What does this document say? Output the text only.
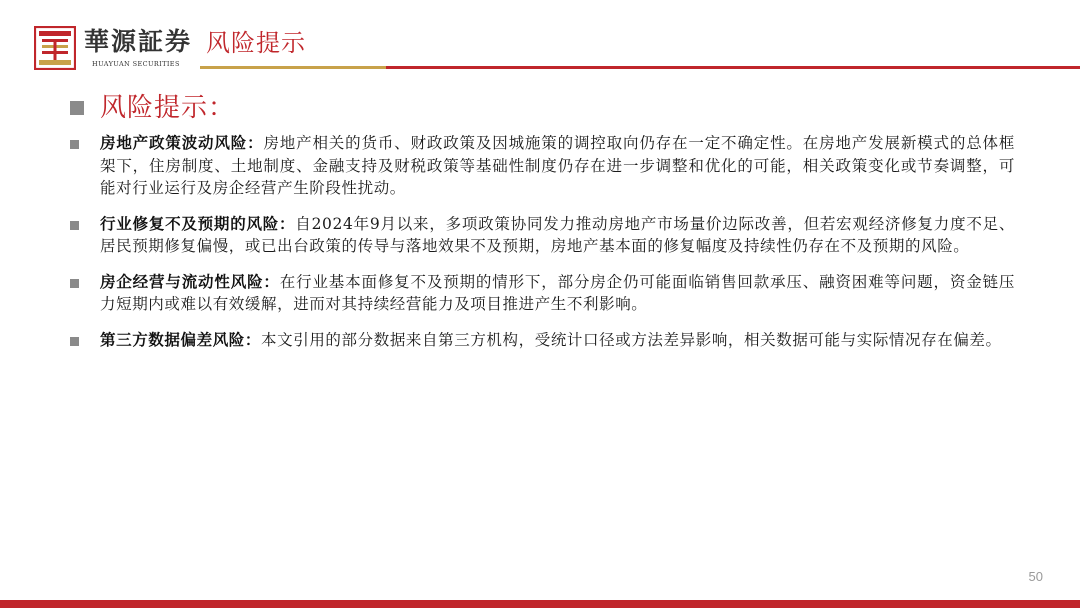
華源証券
HUAYUAN SECURITIES
风险提示
风险提示：
房地产政策波动风险：房地产相关的货币、财政政策及因城施策的调控取向仍存在一定不确定性。在房地产发展新模式的总体框架下，住房制度、土地制度、金融支持及财税政策等基础性制度仍存在进一步调整和优化的可能，相关政策变化或节奏调整，可能对行业运行及房企经营产生阶段性扰动。
行业修复不及预期的风险：自2024年9月以来，多项政策协同发力推动房地产市场量价边际改善，但若宏观经济修复力度不足、居民预期修复偏慢，或已出台政策的传导与落地效果不及预期，房地产基本面的修复幅度及持续性仍存在不及预期的风险。
房企经营与流动性风险：在行业基本面修复不及预期的情形下，部分房企仍可能面临销售回款承压、融资困难等问题，资金链压力短期内或难以有效缓解，进而对其持续经营能力及项目推进产生不利影响。
第三方数据偏差风险：本文引用的部分数据来自第三方机构，受统计口径或方法差异影响，相关数据可能与实际情况存在偏差。
50
